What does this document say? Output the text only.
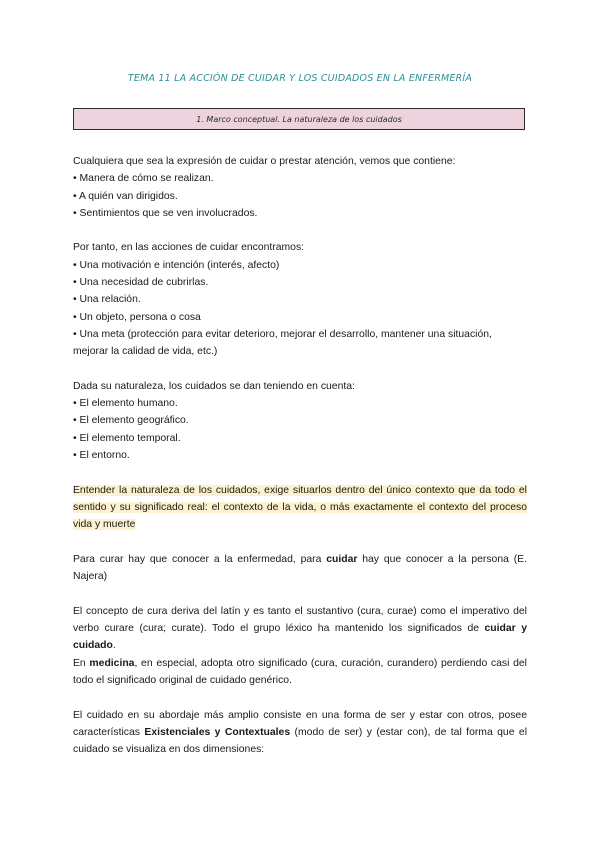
TEMA 11 LA ACCIÓN DE CUIDAR Y LOS CUIDADOS EN LA ENFERMERÍA
1. Marco conceptual. La naturaleza de los cuidados

Cualquiera que sea la expresión de cuidar o prestar atención, vemos que contiene:

• Manera de cómo se realizan.

• A quién van dirigidos.

• Sentimientos que se ven involucrados.

Por tanto, en las acciones de cuidar encontramos:

• Una motivación e intención (interés, afecto)

• Una necesidad de cubrirlas.

• Una relación.

• Un objeto, persona o cosa

• Una meta (protección para evitar deterioro, mejorar el desarrollo, mantener una situación, mejorar la calidad de vida, etc.)

Dada su naturaleza, los cuidados se dan teniendo en cuenta:

• El elemento humano.

• El elemento geográfico.

• El elemento temporal.

• El entorno.

Entender la naturaleza de los cuidados, exige situarlos dentro del único contexto que da todo el sentido y su significado real: el contexto de la vida, o más exactamente el contexto del proceso vida y muerte

Para curar hay que conocer a la enfermedad, para cuidar hay que conocer a la persona (E. Najera)

El concepto de cura deriva del latín y es tanto el sustantivo (cura, curae) como el imperativo del verbo curare (cura; curate). Todo el grupo léxico ha mantenido los significados de cuidar y cuidado.

En medicina, en especial, adopta otro significado (cura, curación, curandero) perdiendo casi del todo el significado original de cuidado genérico.

El cuidado en su abordaje más amplio consiste en una forma de ser y estar con otros, posee características Existenciales y Contextuales (modo de ser) y (estar con), de tal forma que el cuidado se visualiza en dos dimensiones:
